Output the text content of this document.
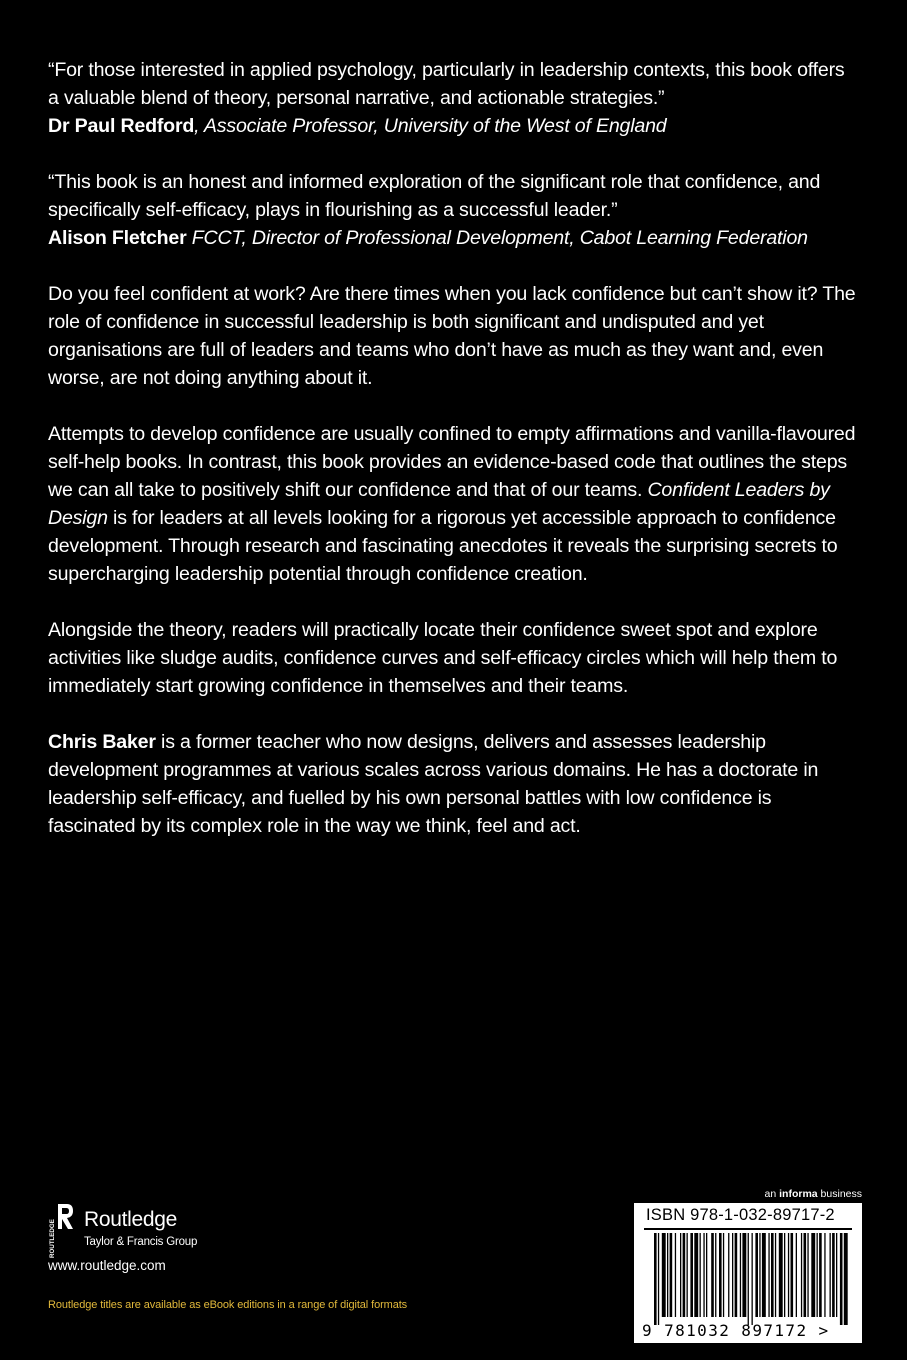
“For those interested in applied psychology, particularly in leadership contexts, this book offers a valuable blend of theory, personal narrative, and actionable strategies.”
Dr Paul Redford, Associate Professor, University of the West of England
“This book is an honest and informed exploration of the significant role that confidence, and specifically self-efficacy, plays in flourishing as a successful leader.”
Alison Fletcher FCCT, Director of Professional Development, Cabot Learning Federation

Do you feel confident at work? Are there times when you lack confidence but can’t show it? The role of confidence in successful leadership is both significant and undisputed and yet organisations are full of leaders and teams who don’t have as much as they want and, even worse, are not doing anything about it.

Attempts to develop confidence are usually confined to empty affirmations and vanilla-flavoured self-help books. In contrast, this book provides an evidence-based code that outlines the steps we can all take to positively shift our confidence and that of our teams. Confident Leaders by Design is for leaders at all levels looking for a rigorous yet accessible approach to confidence development. Through research and fascinating anecdotes it reveals the surprising secrets to supercharging leadership potential through confidence creation.

Alongside the theory, readers will practically locate their confidence sweet spot and explore activities like sludge audits, confidence curves and self-efficacy circles which will help them to immediately start growing confidence in themselves and their teams.

Chris Baker is a former teacher who now designs, delivers and assesses leadership development programmes at various scales across various domains. He has a doctorate in leadership self-efficacy, and fuelled by his own personal battles with low confidence is fascinated by its complex role in the way we think, feel and act.

ROUTLEDGE Routledge
Taylor & Francis Group
www.routledge.com
Routledge titles are available as eBook editions in a range of digital formats
an informa business
ISBN 978-1-032-89717-2
9 781032 897172 >
